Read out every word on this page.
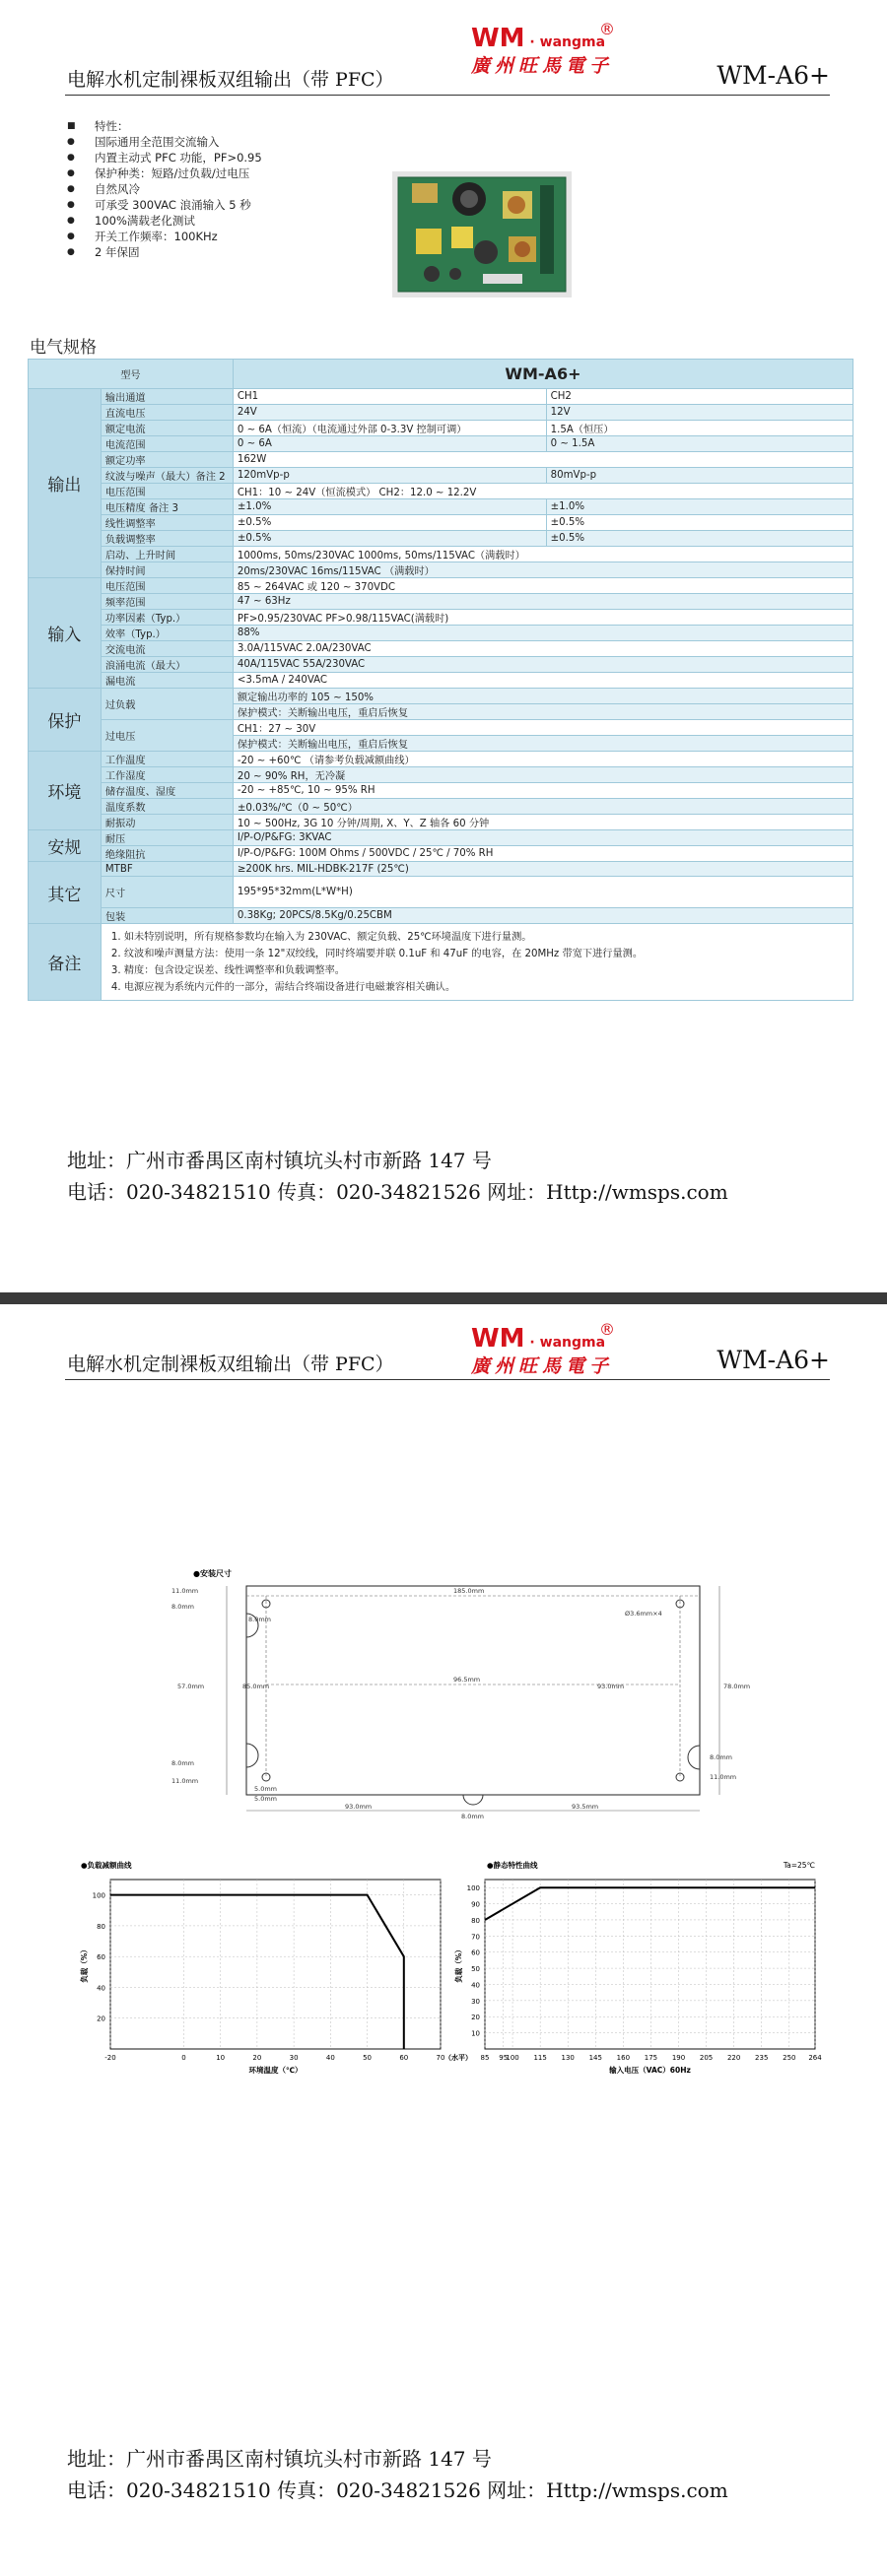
WM · wangma
®
廣州旺馬電子
电解水机定制裸板双组输出（带 PFC）	WM-A6+
■ 特性：
● 国际通用全范围交流输入
● 内置主动式 PFC 功能，PF>0.95
● 保护种类：短路/过负载/过电压
● 自然风冷
● 可承受 300VAC 浪涌输入 5 秒
● 100%满载老化测试
● 开关工作频率：100KHz
● 2 年保固
电气规格
型号		WM-A6+	
输出	输出通道	CH1	CH2
	直流电压	24V	12V
	额定电流	0 ~ 6A（恒流）（电流通过外部 0-3.3V 控制可调）	1.5A（恒压）
	电流范围	0 ~ 6A	0 ~ 1.5A
	额定功率	162W	
	纹波与噪声（最大）备注 2	120mVp-p	80mVp-p
	电压范围	CH1：10 ~ 24V（恒流模式） CH2：12.0 ~ 12.2V	
	电压精度 备注 3	±1.0%	±1.0%
	线性调整率	±0.5%	±0.5%
	负载调整率	±0.5%	±0.5%
	启动、上升时间	1000ms, 50ms/230VAC 1000ms, 50ms/115VAC（满载时）	
	保持时间	20ms/230VAC 16ms/115VAC （满载时）	
输入	电压范围	85 ~ 264VAC 或 120 ~ 370VDC	
	频率范围	47 ~ 63Hz	
	功率因素（Typ.）	PF>0.95/230VAC PF>0.98/115VAC(满载时)	
	效率（Typ.）	88%	
	交流电流	3.0A/115VAC 2.0A/230VAC	
	浪涌电流（最大）	40A/115VAC 55A/230VAC	
	漏电流	<3.5mA / 240VAC	
保护	过负载	额定输出功率的 105 ~ 150%	
		保护模式：关断输出电压，重启后恢复	
	过电压	CH1：27 ~ 30V	
		保护模式：关断输出电压，重启后恢复	
环境	工作温度	-20 ~ +60℃ （请参考负载减额曲线）	
	工作湿度	20 ~ 90% RH，无冷凝	
	储存温度、湿度	-20 ~ +85℃, 10 ~ 95% RH	
	温度系数	±0.03%/℃（0 ~ 50℃）	
	耐振动	10 ~ 500Hz, 3G 10 分钟/周期, X、Y、Z 轴各 60 分钟	
安规	耐压	I/P-O/P&FG: 3KVAC	
	绝缘阻抗	I/P-O/P&FG: 100M Ohms / 500VDC / 25℃ / 70% RH	
其它	MTBF	≥200K hrs. MIL-HDBK-217F (25℃)	
	尺寸	195*95*32mm(L*W*H)	
	包装	0.38Kg; 20PCS/8.5Kg/0.25CBM	
备注	1. 如未特别说明，所有规格参数均在输入为 230VAC、额定负载、25℃环境温度下进行量测。
2. 纹波和噪声测量方法：使用一条 12"双绞线，同时终端要并联 0.1uF 和 47uF 的电容，在 20MHz 带宽下进行量测。
3. 精度：包含设定误差、线性调整率和负载调整率。
4. 电源应视为系统内元件的一部分，需结合终端设备进行电磁兼容相关确认。		
地址：广州市番禺区南村镇坑头村市新路 147 号
电话：020-34821510 传真：020-34821526 网址：Http://wmsps.com
WM · wangma
®
廣州旺馬電子
电解水机定制裸板双组输出（带 PFC）	WM-A6+
●安装尺寸
11.0mm
8.0mm
8.0mm
185.0mm
Ø3.6mm×4
96.5mm
57.0mm	85.0mm	93.0mm	78.0mm
8.0mm
11.0mm
5.0mm
5.0mm
8.0mm
11.0mm
93.0mm
8.0mm
93.5mm
●负载减额曲线
20
40
60
80
100
-20	0	10	20	30	40	50	60	70
环境温度（℃）
（水平）
负载（%）
●静态特性曲线	Ta=25℃
10
20
30
40
50
60
70
80
90
100
85 95
100 115 130 145 160 175 190 205 220 235 250 264
输入电压（VAC）60Hz
负载（%）
地址：广州市番禺区南村镇坑头村市新路 147 号
电话：020-34821510 传真：020-34821526 网址：Http://wmsps.com
